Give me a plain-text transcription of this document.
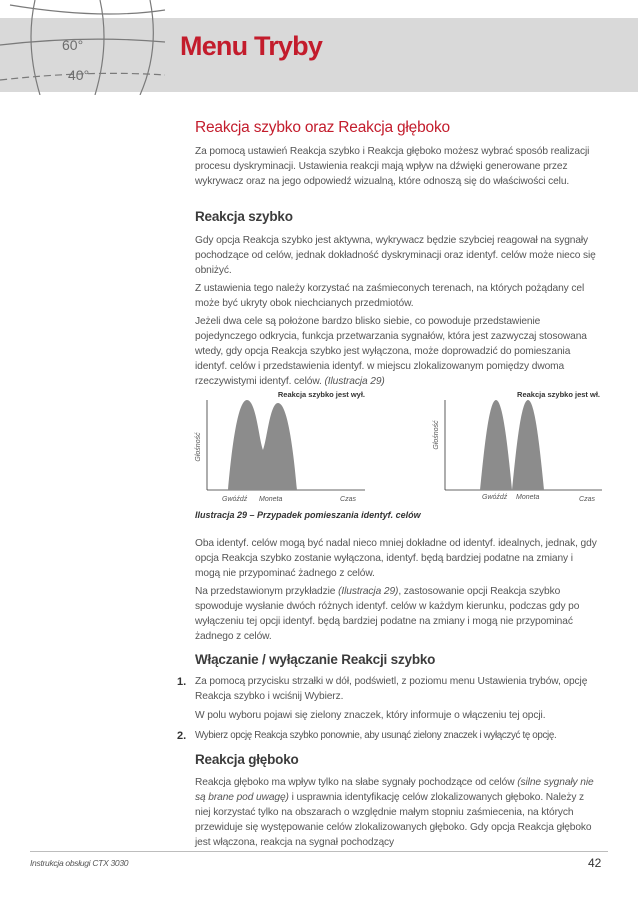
60°
40°
Menu Tryby
Reakcja szybko oraz Reakcja głęboko

Za pomocą ustawień Reakcja szybko i Reakcja głęboko możesz wybrać sposób realizacji procesu dyskryminacji. Ustawienia reakcji mają wpływ na dźwięki generowane przez wykrywacz oraz na jego odpowiedź wizualną, które odnoszą się do właściwości celu.

Reakcja szybko

Gdy opcja Reakcja szybko jest aktywna, wykrywacz będzie szybciej reagował na sygnały pochodzące od celów, jednak dokładność dyskryminacji oraz identyf. celów może nieco się obniżyć.

Z ustawienia tego należy korzystać na zaśmieconych terenach, na których pożądany cel może być ukryty obok niechcianych przedmiotów.

Jeżeli dwa cele są położone bardzo blisko siebie, co powoduje przedstawienie pojedynczego odkrycia, funkcja przetwarzania sygnałów, która jest zazwyczaj stosowana wtedy, gdy opcja Reakcja szybko jest wyłączona, może doprowadzić do pomieszania identyf. celów i przedstawienia identyf. w miejscu zlokalizowanym pomiędzy dwoma rzeczywistymi identyf. celów. (Ilustracja 29)

Reakcja szybko jest wył.
Głośność
Gwóźdź Moneta	Czas
Reakcja szybko jest wł.
Głośność
Gwóźdź Moneta	Czas

Ilustracja 29 – Przypadek pomieszania identyf. celów

Oba identyf. celów mogą być nadal nieco mniej dokładne od identyf. idealnych, jednak, gdy opcja Reakcja szybko zostanie wyłączona, identyf. będą bardziej podatne na zmiany i mogą nie przypominać żadnego z celów.

Na przedstawionym przykładzie (Ilustracja 29), zastosowanie opcji Reakcja szybko spowoduje wysłanie dwóch różnych identyf. celów w każdym kierunku, podczas gdy po wyłączeniu tej opcji identyf. będą bardziej podatne na zmiany i mogą nie przypominać żadnego z celów.

Włączanie / wyłączanie Reakcji szybko
1. Za pomocą przycisku strzałki w dół, podświetl, z poziomu menu Ustawienia trybów, opcję Reakcja szybko i wciśnij Wybierz.

W polu wyboru pojawi się zielony znaczek, który informuje o włączeniu tej opcji.

2. Wybierz opcję Reakcja szybko ponownie, aby usunąć zielony znaczek i wyłączyć tę opcję.

Reakcja głęboko

Reakcja głęboko ma wpływ tylko na słabe sygnały pochodzące od celów (silne sygnały nie są brane pod uwagę) i usprawnia identyfikację celów zlokalizowanych głęboko. Należy z niej korzystać tylko na obszarach o względnie małym stopniu zaśmiecenia, na których przewiduje się występowanie celów zlokalizowanych głęboko. Gdy opcja Reakcja głęboko jest włączona, reakcja na sygnał pochodzący

Instrukcja obsługi CTX 3030	42
